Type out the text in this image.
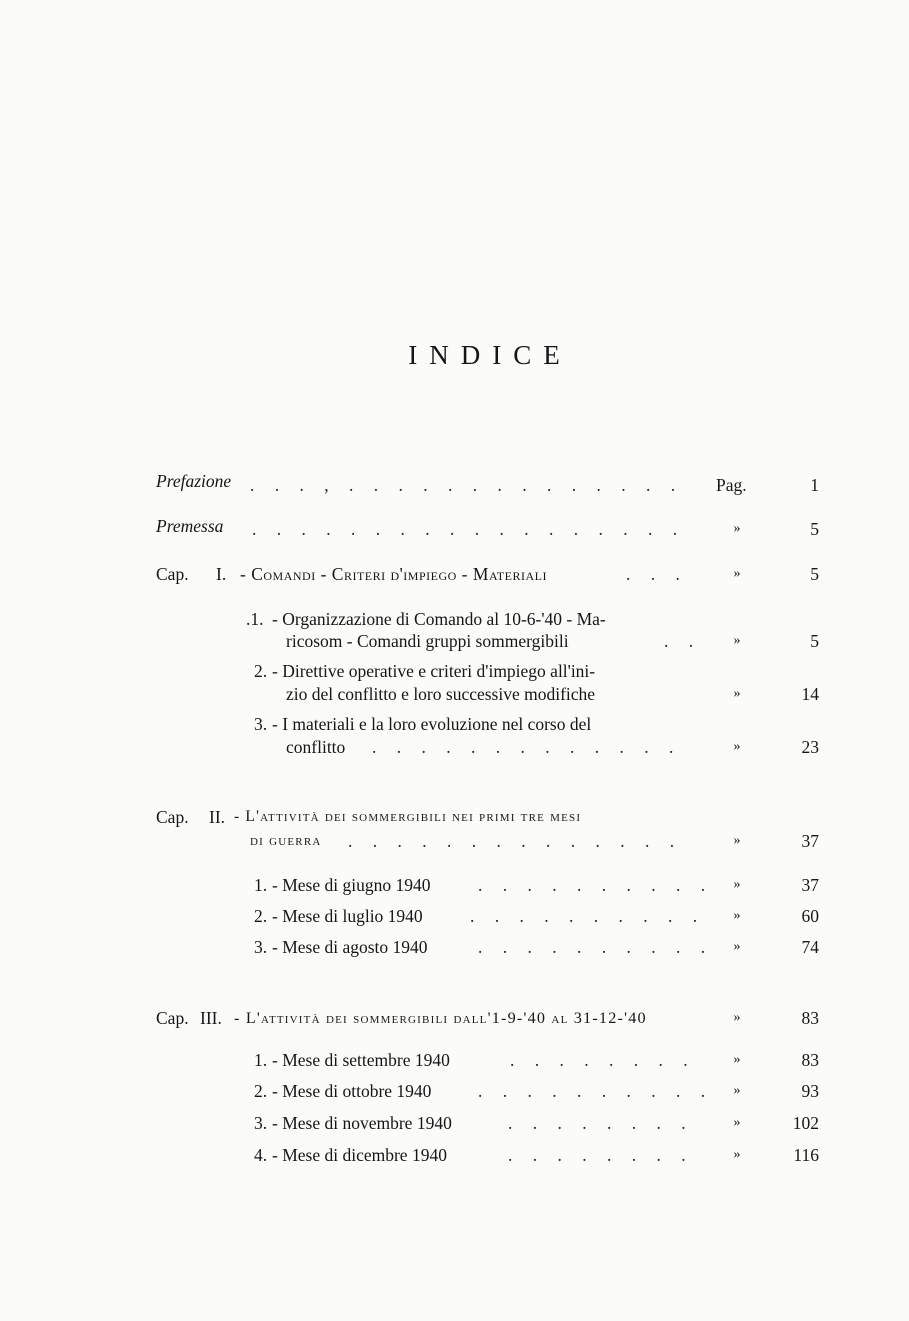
INDICE
Prefazione . . . , . . . . . . . . . . . . . . Pag.	1
Premessa . . . . . . . . . . . . . . . . . .	»	5
Cap. I. - Comandi - Criteri d'impiego - Materiali	. . .	»	5
.1. - Organizzazione di Comando al 10-6-'40 - Ma-
ricosom - Comandi gruppi sommergibili	. . »	5
2. - Direttive operative e criteri d'impiego all'ini-
zio del conflitto e loro successive modifiche	»	14
3. - I materiali e la loro evoluzione nel corso del
conflitto . . . . . . . . . . . . .	»	23
Cap. II. - L'attività dei sommergibili nei primi tre mesi
di guerra . . . . . . . . . . . . . .	»	37
1. - Mese di giugno 1940	. . . . . . . . . . »	37
2. - Mese di luglio 1940	. . . . . . . . . . »	60
3. - Mese di agosto 1940	. . . . . . . . . . »	74
Cap. III. - L'attività dei sommergibili dall'1-9-'40 al 31-12-'40	»	83
1. - Mese di settembre 1940	. . . . . . . .	»	83
2. - Mese di ottobre 1940	. . . . . . . . . . »	93
3. - Mese di novembre 1940	. . . . . . . .	»	102
4. - Mese di dicembre 1940	. . . . . . . .	»	116
